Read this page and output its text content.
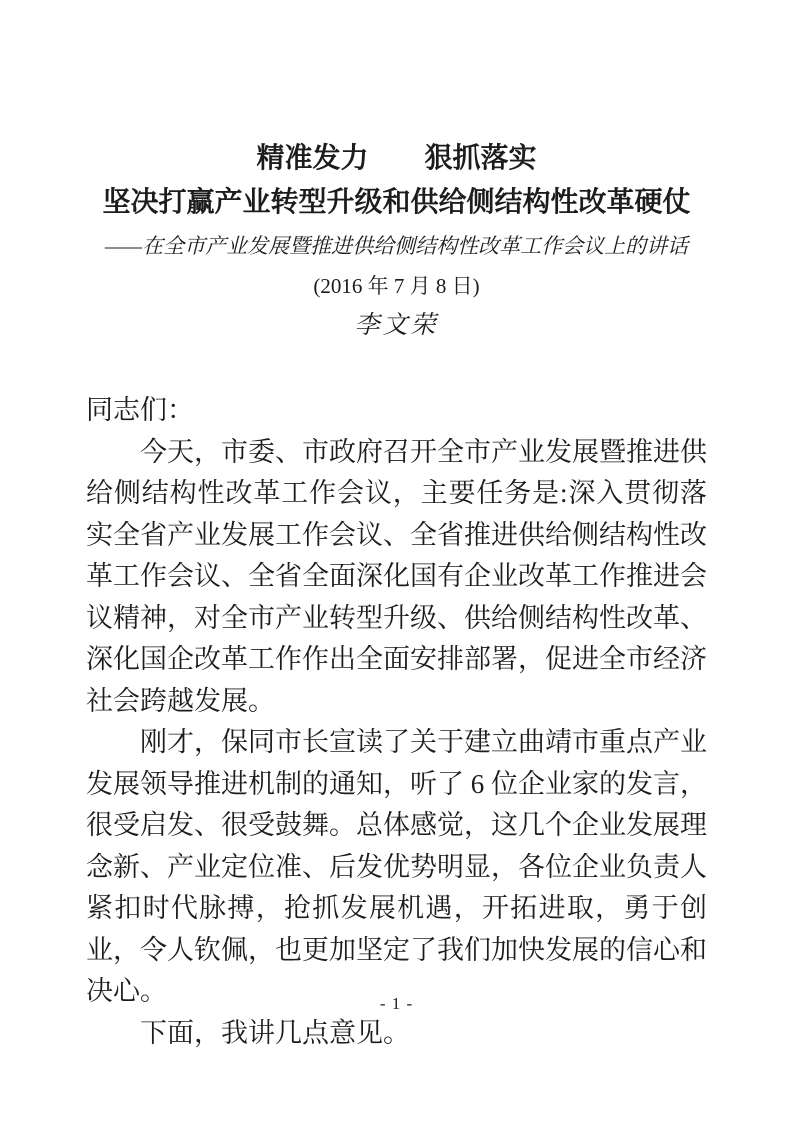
精准发力　　狠抓落实
坚决打赢产业转型升级和供给侧结构性改革硬仗
——在全市产业发展暨推进供给侧结构性改革工作会议上的讲话
(2016 年 7 月 8 日)
李文荣

同志们：

今天，市委、市政府召开全市产业发展暨推进供给侧结构性改革工作会议，主要任务是:深入贯彻落实全省产业发展工作会议、全省推进供给侧结构性改革工作会议、全省全面深化国有企业改革工作推进会议精神，对全市产业转型升级、供给侧结构性改革、深化国企改革工作作出全面安排部署，促进全市经济社会跨越发展。

刚才，保同市长宣读了关于建立曲靖市重点产业发展领导推进机制的通知，听了 6 位企业家的发言，很受启发、很受鼓舞。总体感觉，这几个企业发展理念新、产业定位准、后发优势明显，各位企业负责人紧扣时代脉搏，抢抓发展机遇，开拓进取，勇于创业，令人钦佩，也更加坚定了我们加快发展的信心和决心。

下面，我讲几点意见。

- 1 -
